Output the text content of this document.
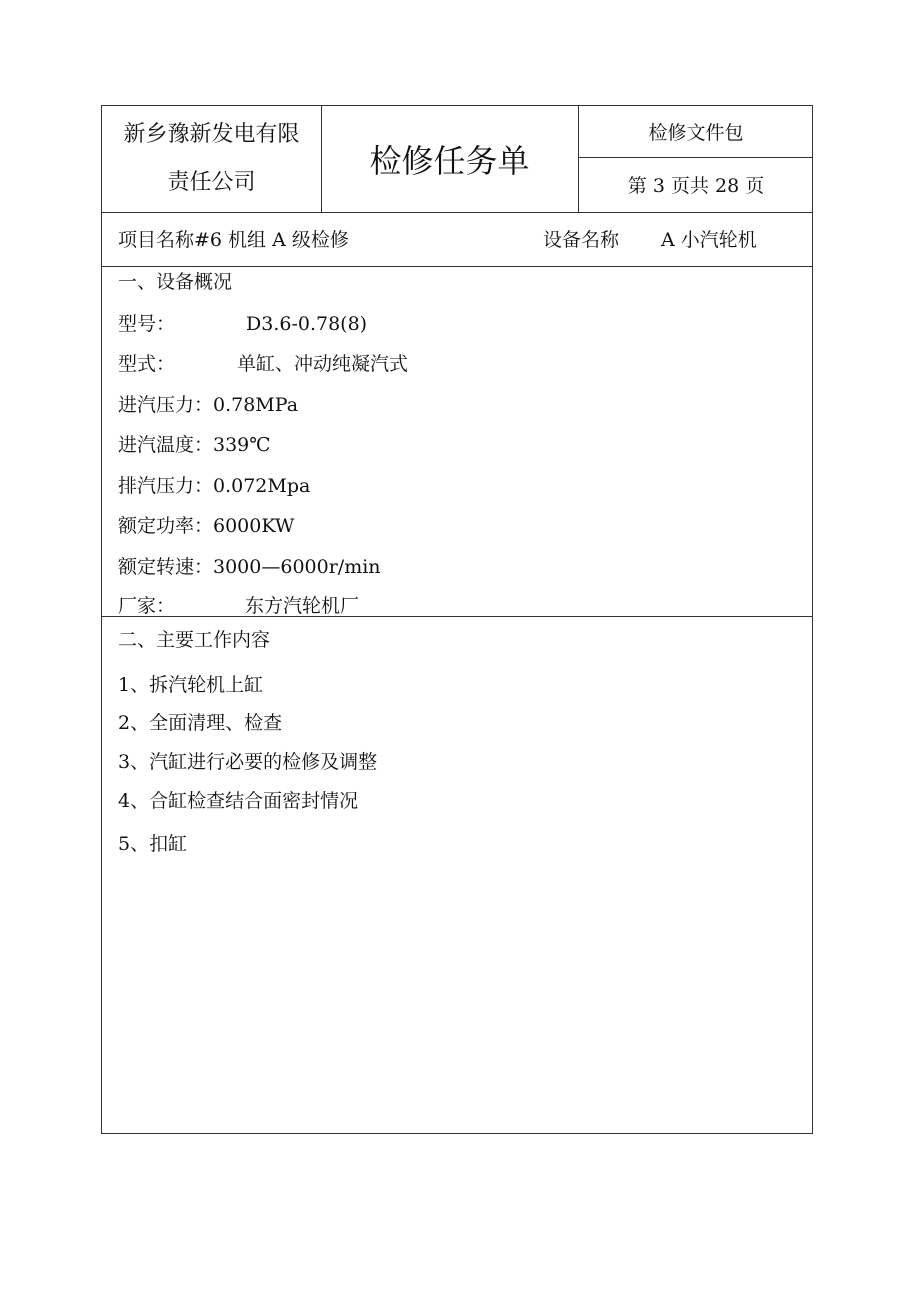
新乡豫新发电有限
责任公司
检修任务单
检修文件包
第 3 页共 28 页
项目名称#6 机组 A 级检修	设备名称 A 小汽轮机
一、设备概况
型号：	D3.6-0.78(8)
型式：	单缸、冲动纯凝汽式
进汽压力：0.78MPa
进汽温度：339℃
排汽压力：0.072Mpa
额定功率：6000KW
额定转速：3000—6000r/min
厂家：	东方汽轮机厂
二、主要工作内容
1、拆汽轮机上缸
2、全面清理、检查
3、汽缸进行必要的检修及调整
4、合缸检查结合面密封情况
5、扣缸
